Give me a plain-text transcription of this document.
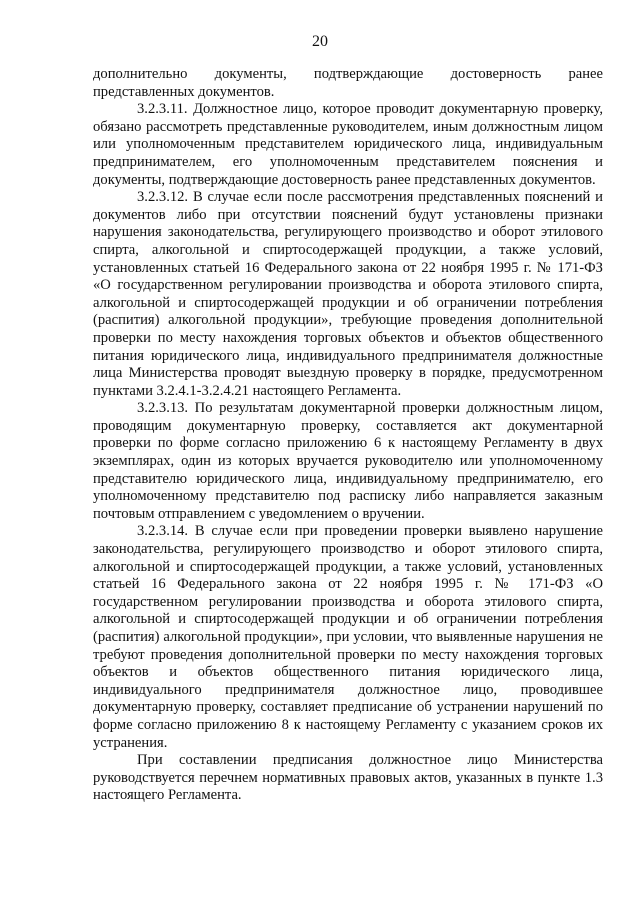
20

дополнительно документы, подтверждающие достоверность ранее представленных документов.

3.2.3.11. Должностное лицо, которое проводит документарную проверку, обязано рассмотреть представленные руководителем, иным должностным лицом или уполномоченным представителем юридического лица, индивидуальным предпринимателем, его уполномоченным представителем пояснения и документы, подтверждающие достоверность ранее представленных документов.

3.2.3.12. В случае если после рассмотрения представленных пояснений и документов либо при отсутствии пояснений будут установлены признаки нарушения законодательства, регулирующего производство и оборот этилового спирта, алкогольной и спиртосодержащей продукции, а также условий, установленных статьей 16 Федерального закона от 22 ноября 1995 г. № 171-ФЗ «О государственном регулировании производства и оборота этилового спирта, алкогольной и спиртосодержащей продукции и об ограничении потребления (распития) алкогольной продукции», требующие проведения дополнительной проверки по месту нахождения торговых объектов и объектов общественного питания юридического лица, индивидуального предпринимателя должностные лица Министерства проводят выездную проверку в порядке, предусмотренном пунктами 3.2.4.1-3.2.4.21 настоящего Регламента.

3.2.3.13. По результатам документарной проверки должностным лицом, проводящим документарную проверку, составляется акт документарной проверки по форме согласно приложению 6 к настоящему Регламенту в двух экземплярах, один из которых вручается руководителю или уполномоченному представителю юридического лица, индивидуальному предпринимателю, его уполномоченному представителю под расписку либо направляется заказным почтовым отправлением с уведомлением о вручении.

3.2.3.14. В случае если при проведении проверки выявлено нарушение законодательства, регулирующего производство и оборот этилового спирта, алкогольной и спиртосодержащей продукции, а также условий, установленных статьей 16 Федерального закона от 22 ноября 1995 г. № 171-ФЗ «О государственном регулировании производства и оборота этилового спирта, алкогольной и спиртосодержащей продукции и об ограничении потребления (распития) алкогольной продукции», при условии, что выявленные нарушения не требуют проведения дополнительной проверки по месту нахождения торговых объектов и объектов общественного питания юридического лица, индивидуального предпринимателя должностное лицо, проводившее документарную проверку, составляет предписание об устранении нарушений по форме согласно приложению 8 к настоящему Регламенту с указанием сроков их устранения.

При составлении предписания должностное лицо Министерства руководствуется перечнем нормативных правовых актов, указанных в пункте 1.3 настоящего Регламента.
